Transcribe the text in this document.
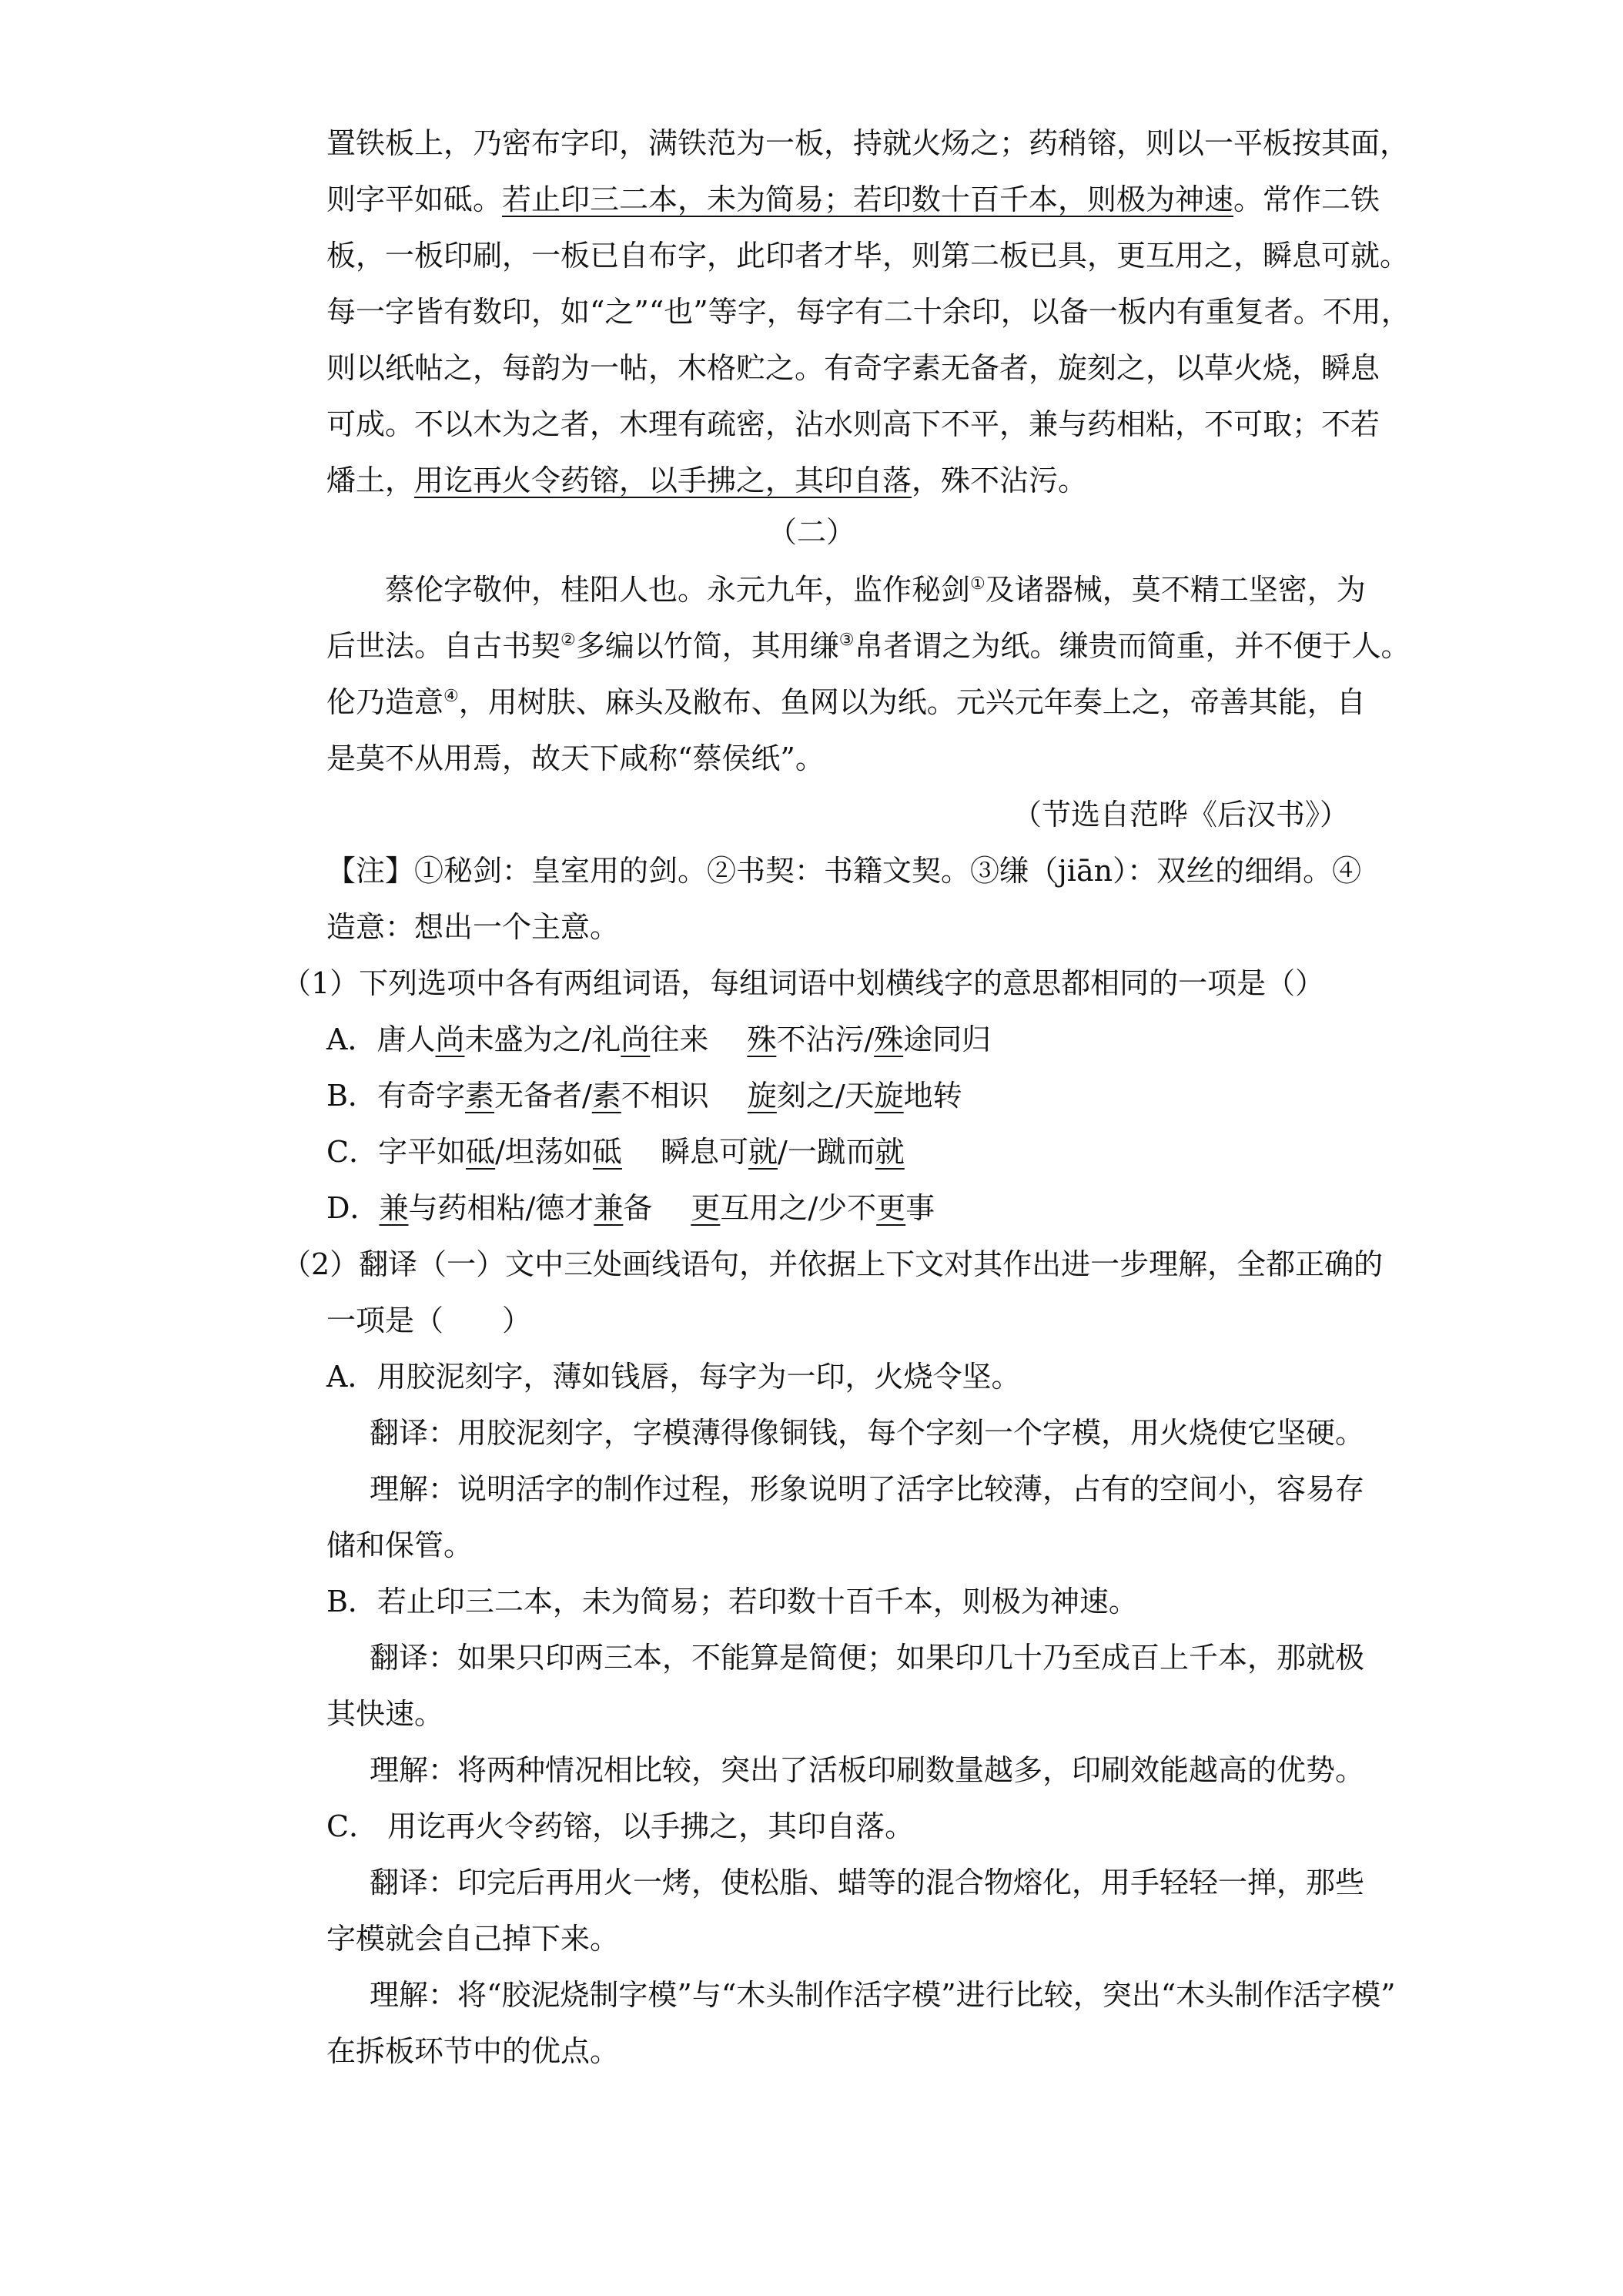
置铁板上，乃密布字印，满铁范为一板，持就火炀之；药稍镕，则以一平板按其面，
则字平如砥。若止印三二本，未为简易；若印数十百千本，则极为神速。常作二铁
板，一板印刷，一板已自布字，此印者才毕，则第二板已具，更互用之，瞬息可就。
每一字皆有数印，如“之”“也”等字，每字有二十余印，以备一板内有重复者。不用，
则以纸帖之，每韵为一帖，木格贮之。有奇字素无备者，旋刻之，以草火烧，瞬息
可成。不以木为之者，木理有疏密，沾水则高下不平，兼与药相粘，不可取；不若
燔土，用讫再火令药镕，以手拂之，其印自落，殊不沾污。
（二）
蔡伦字敬仲，桂阳人也。永元九年，监作秘剑①及诸器械，莫不精工坚密，为
后世法。自古书契②多编以竹简，其用缣③帛者谓之为纸。缣贵而简重，并不便于人。
伦乃造意④，用树肤、麻头及敝布、鱼网以为纸。元兴元年奏上之，帝善其能，自
是莫不从用焉，故天下咸称“蔡侯纸”。
（节选自范晔《后汉书》）
【注】①秘剑：皇室用的剑。②书契：书籍文契。③缣（jiān）：双丝的细绢。④
造意：想出一个主意。
（1）下列选项中各有两组词语，每组词语中划横线字的意思都相同的一项是（）
A．唐人尚未盛为之/礼尚往来 殊不沾污/殊途同归
B．有奇字素无备者/素不相识 旋刻之/天旋地转
C．字平如砥/坦荡如砥 瞬息可就/一蹴而就
D．兼与药相粘/德才兼备 更互用之/少不更事
（2）翻译（一）文中三处画线语句，并依据上下文对其作出进一步理解，全都正确的
一项是（　　）
A．用胶泥刻字，薄如钱唇，每字为一印，火烧令坚。
翻译：用胶泥刻字，字模薄得像铜钱，每个字刻一个字模，用火烧使它坚硬。
理解：说明活字的制作过程，形象说明了活字比较薄，占有的空间小，容易存
储和保管。
B．若止印三二本，未为简易；若印数十百千本，则极为神速。
翻译：如果只印两三本，不能算是简便；如果印几十乃至成百上千本，那就极
其快速。
理解：将两种情况相比较，突出了活板印刷数量越多，印刷效能越高的优势。
C． 用讫再火令药镕，以手拂之，其印自落。
翻译：印完后再用火一烤，使松脂、蜡等的混合物熔化，用手轻轻一掸，那些
字模就会自己掉下来。
理解：将“胶泥烧制字模”与“木头制作活字模”进行比较，突出“木头制作活字模”
在拆板环节中的优点。
